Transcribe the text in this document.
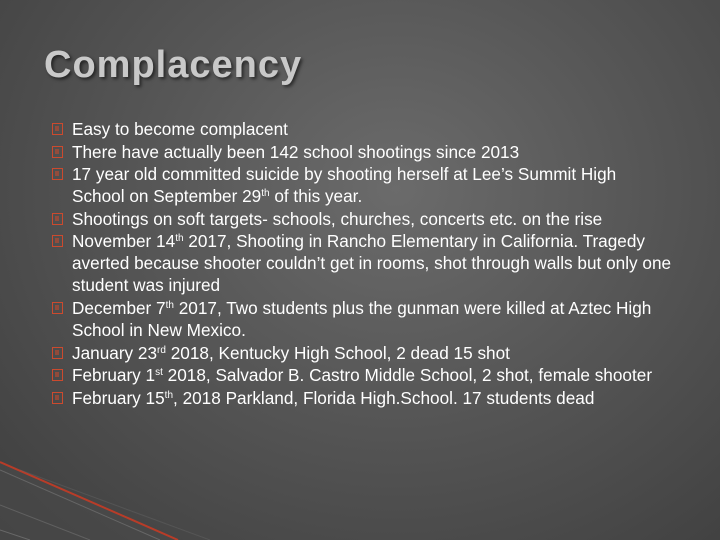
Complacency
Easy to become complacent
There have actually been 142 school shootings since 2013
17 year old committed suicide by shooting herself at Lee’s Summit High School on September 29th of this year.
Shootings on soft targets- schools, churches, concerts etc. on the rise
November 14th 2017, Shooting in Rancho Elementary in California. Tragedy averted because shooter couldn’t get in rooms, shot through walls but only one student was injured
December 7th 2017, Two students plus the gunman were killed at Aztec High School in New Mexico.
January 23rd 2018, Kentucky High School, 2 dead 15 shot
February 1st 2018, Salvador B. Castro Middle School, 2 shot, female shooter
February 15th, 2018 Parkland, Florida High.School. 17 students dead
